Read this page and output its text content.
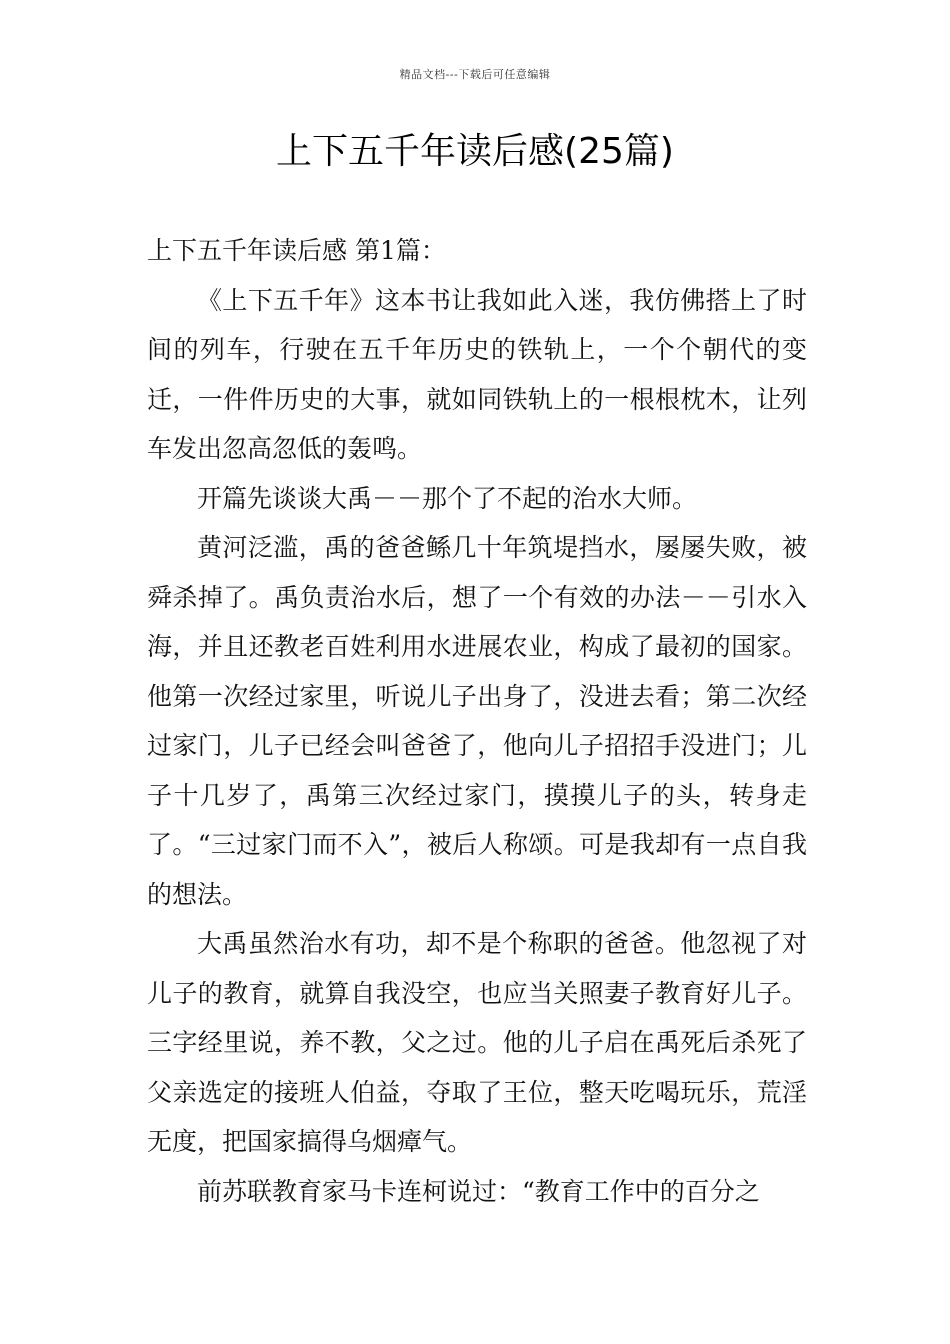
精品文档---下载后可任意编辑
上下五千年读后感(25篇)

上下五千年读后感 第1篇：

《上下五千年》这本书让我如此入迷，我仿佛搭上了时间的列车，行驶在五千年历史的铁轨上，一个个朝代的变迁，一件件历史的大事，就如同铁轨上的一根根枕木，让列车发出忽高忽低的轰鸣。

开篇先谈谈大禹－－那个了不起的治水大师。

黄河泛滥，禹的爸爸鲧几十年筑堤挡水，屡屡失败，被舜杀掉了。禹负责治水后，想了一个有效的办法－－引水入海，并且还教老百姓利用水进展农业，构成了最初的国家。他第一次经过家里，听说儿子出身了，没进去看；第二次经过家门，儿子已经会叫爸爸了，他向儿子招招手没进门；儿子十几岁了，禹第三次经过家门，摸摸儿子的头，转身走了。“三过家门而不入”，被后人称颂。可是我却有一点自我的想法。

大禹虽然治水有功，却不是个称职的爸爸。他忽视了对儿子的教育，就算自我没空，也应当关照妻子教育好儿子。三字经里说，养不教，父之过。他的儿子启在禹死后杀死了父亲选定的接班人伯益，夺取了王位，整天吃喝玩乐，荒淫无度，把国家搞得乌烟瘴气。

前苏联教育家马卡连柯说过：“教育工作中的百分之
